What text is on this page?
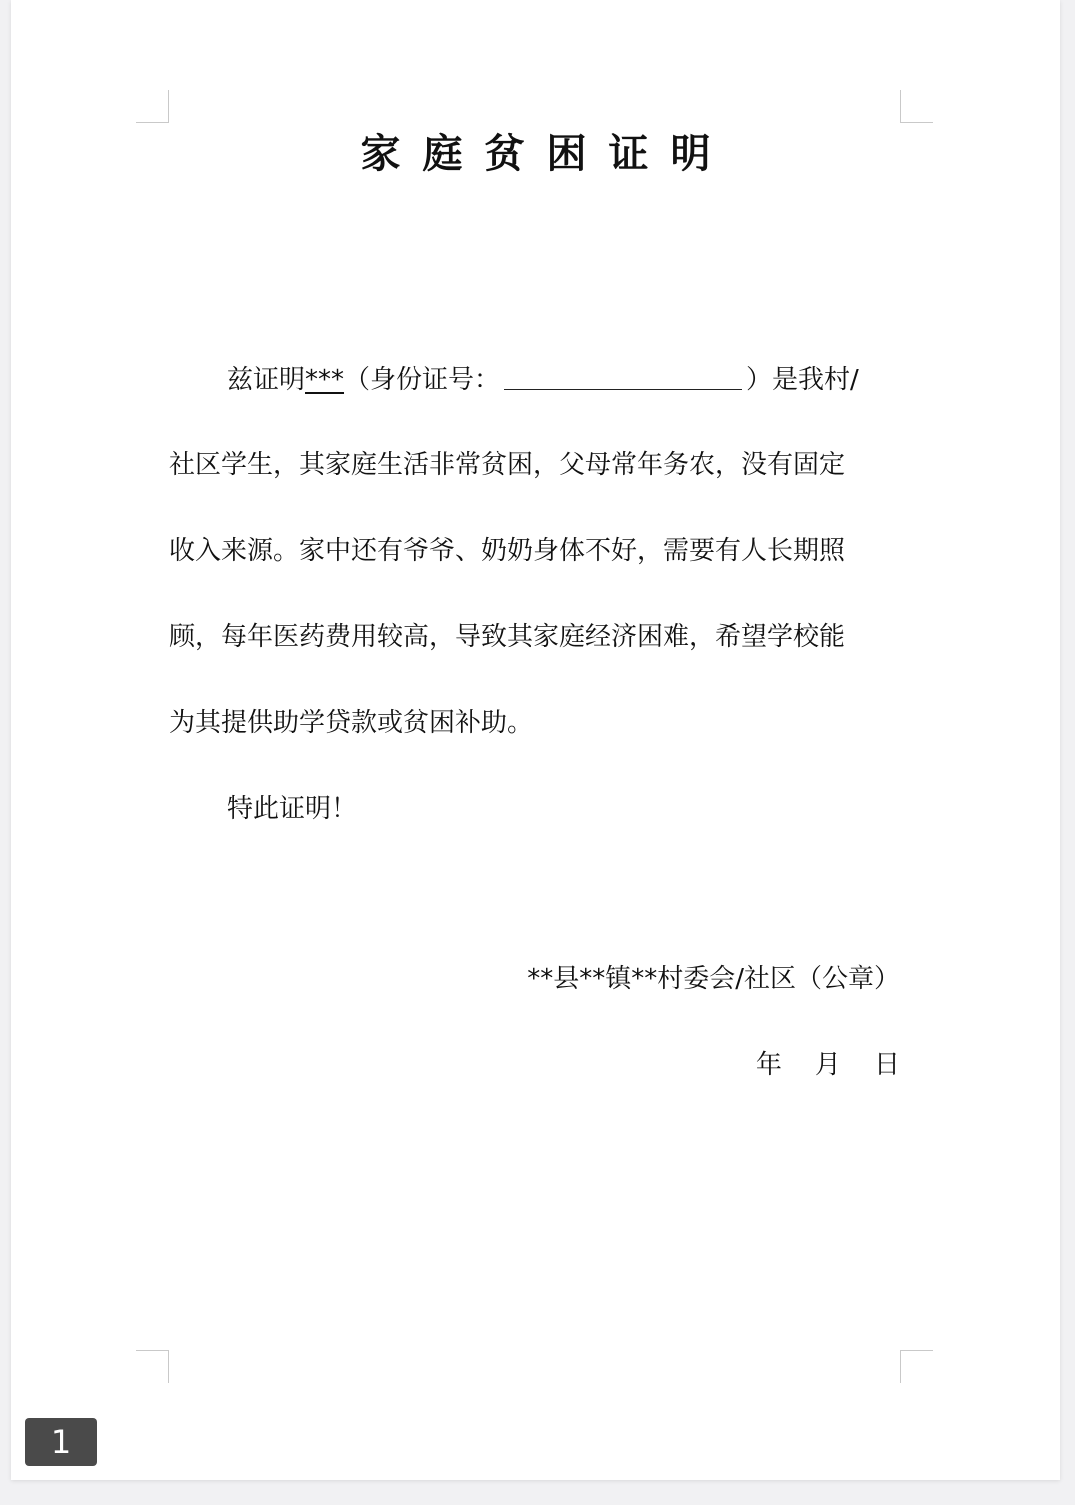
家庭贫困证明
兹证明***（身份证号：	）是我村/
社区学生，其家庭生活非常贫困，父母常年务农，没有固定
收入来源。家中还有爷爷、奶奶身体不好，需要有人长期照
顾，每年医药费用较高，导致其家庭经济困难，希望学校能
为其提供助学贷款或贫困补助。
特此证明！
**县**镇**村委会/社区（公章）
年    月    日
1
